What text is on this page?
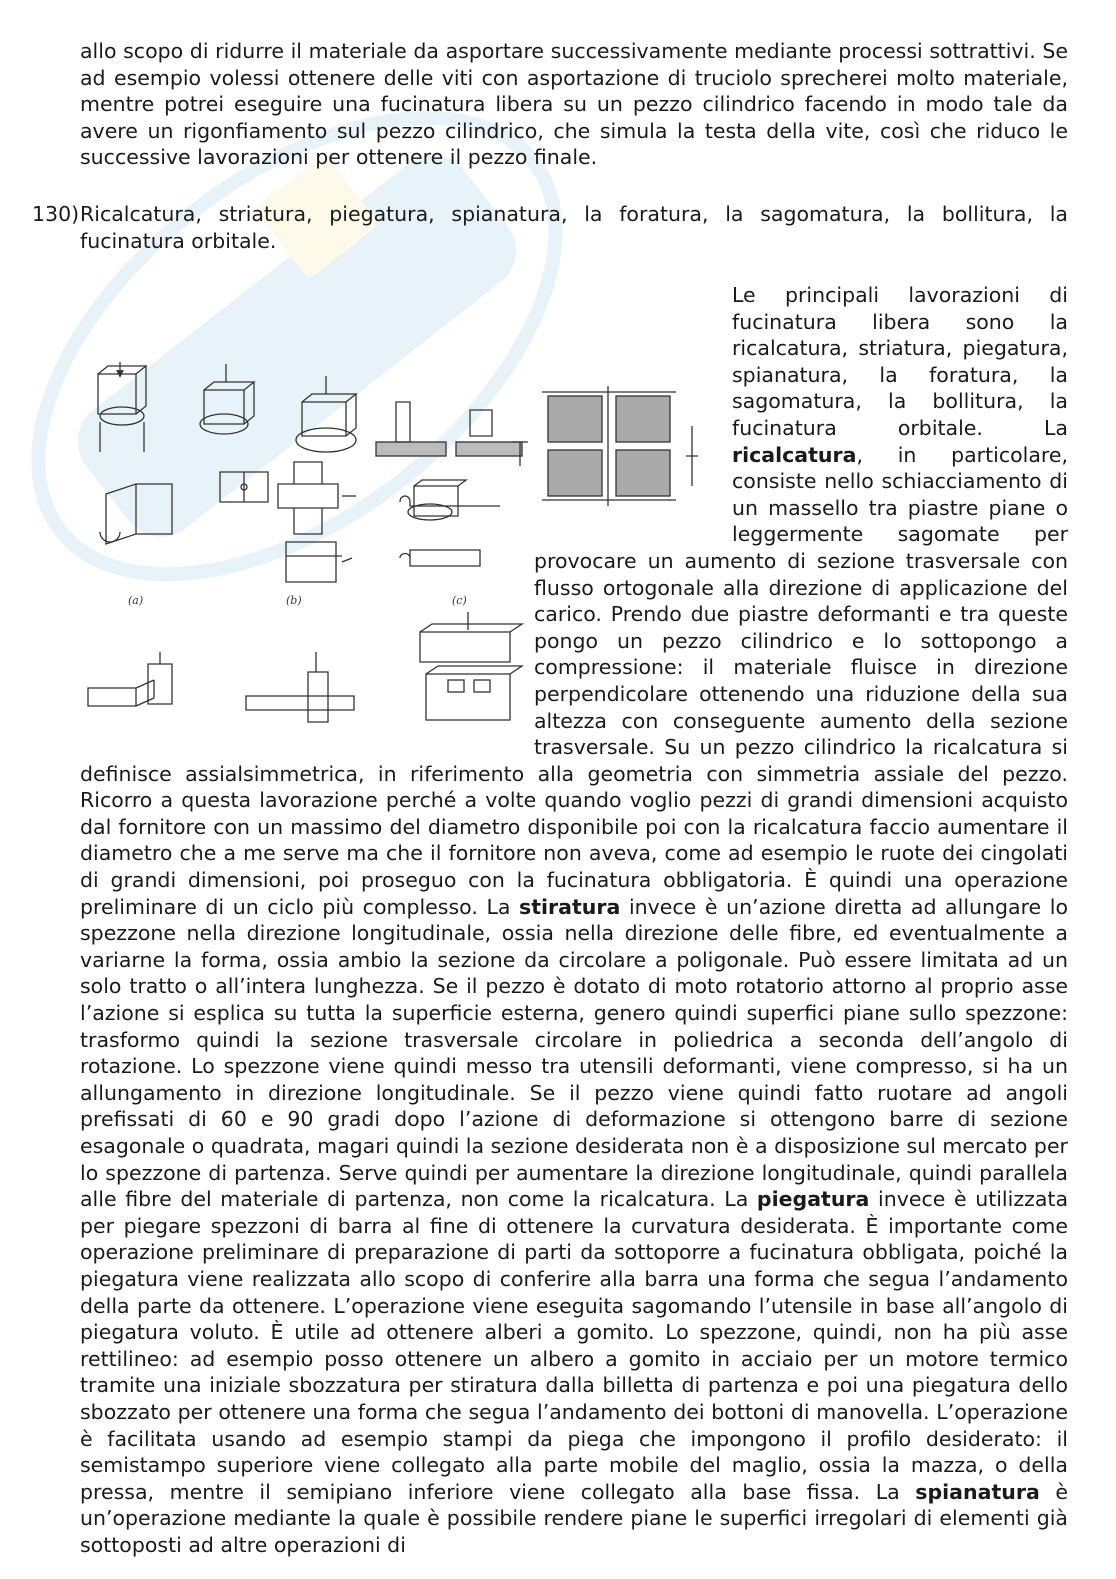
allo scopo di ridurre il materiale da asportare successivamente mediante processi sottrattivi. Se ad esempio volessi ottenere delle viti con asportazione di truciolo sprecherei molto materiale, mentre potrei eseguire una fucinatura libera su un pezzo cilindrico facendo in modo tale da avere un rigonfiamento sul pezzo cilindrico, che simula la testa della vite, così che riduco le successive lavorazioni per ottenere il pezzo finale.

130) Ricalcatura, striatura, piegatura, spianatura, la foratura, la sagomatura, la bollitura, la fucinatura orbitale.

Le principali lavorazioni di fucinatura libera sono la ricalcatura, striatura, piegatura, spianatura, la foratura, la sagomatura, la bollitura, la fucinatura orbitale. La ricalcatura, in particolare, consiste nello schiacciamento di un massello tra piastre piane o leggermente sagomate per provocare un aumento di sezione trasversale con flusso ortogonale alla direzione di applicazione del carico. Prendo due piastre deformanti e tra queste pongo un pezzo cilindrico e lo sottopongo a compressione: il materiale fluisce in direzione perpendicolare ottenendo una riduzione della sua altezza con conseguente aumento della sezione trasversale. Su un pezzo cilindrico la ricalcatura si definisce assialsimmetrica, in riferimento alla geometria con simmetria assiale del pezzo. Ricorro a questa lavorazione perché a volte quando voglio pezzi di grandi dimensioni acquisto dal fornitore con un massimo del diametro disponibile poi con la ricalcatura faccio aumentare il diametro che a me serve ma che il fornitore non aveva, come ad esempio le ruote dei cingolati di grandi dimensioni, poi proseguo con la fucinatura obbligatoria. È quindi una operazione preliminare di un ciclo più complesso. La stiratura invece è un’azione diretta ad allungare lo spezzone nella direzione longitudinale, ossia nella direzione delle fibre, ed eventualmente a variarne la forma, ossia ambio la sezione da circolare a poligonale. Può essere limitata ad un solo tratto o all’intera lunghezza. Se il pezzo è dotato di moto rotatorio attorno al proprio asse l’azione si esplica su tutta la superficie esterna, genero quindi superfici piane sullo spezzone: trasformo quindi la sezione trasversale circolare in poliedrica a seconda dell’angolo di rotazione. Lo spezzone viene quindi messo tra utensili deformanti, viene compresso, si ha un allungamento in direzione longitudinale. Se il pezzo viene quindi fatto ruotare ad angoli prefissati di 60 e 90 gradi dopo l’azione di deformazione si ottengono barre di sezione esagonale o quadrata, magari quindi la sezione desiderata non è a disposizione sul mercato per lo spezzone di partenza. Serve quindi per aumentare la direzione longitudinale, quindi parallela alle fibre del materiale di partenza, non come la ricalcatura. La piegatura invece è utilizzata per piegare spezzoni di barra al fine di ottenere la curvatura desiderata. È importante come operazione preliminare di preparazione di parti da sottoporre a fucinatura obbligata, poiché la piegatura viene realizzata allo scopo di conferire alla barra una forma che segua l’andamento della parte da ottenere. L’operazione viene eseguita sagomando l’utensile in base all’angolo di piegatura voluto. È utile ad ottenere alberi a gomito. Lo spezzone, quindi, non ha più asse rettilineo: ad esempio posso ottenere un albero a gomito in acciaio per un motore termico tramite una iniziale sbozzatura per stiratura dalla billetta di partenza e poi una piegatura dello sbozzato per ottenere una forma che segua l’andamento dei bottoni di manovella. L’operazione è facilitata usando ad esempio stampi da piega che impongono il profilo desiderato: il semistampo superiore viene collegato alla parte mobile del maglio, ossia la mazza, o della pressa, mentre il semipiano inferiore viene collegato alla base fissa. La spianatura è un’operazione mediante la quale è possibile rendere piane le superfici irregolari di elementi già sottoposti ad altre operazioni di
(a)	(b)	(c)
